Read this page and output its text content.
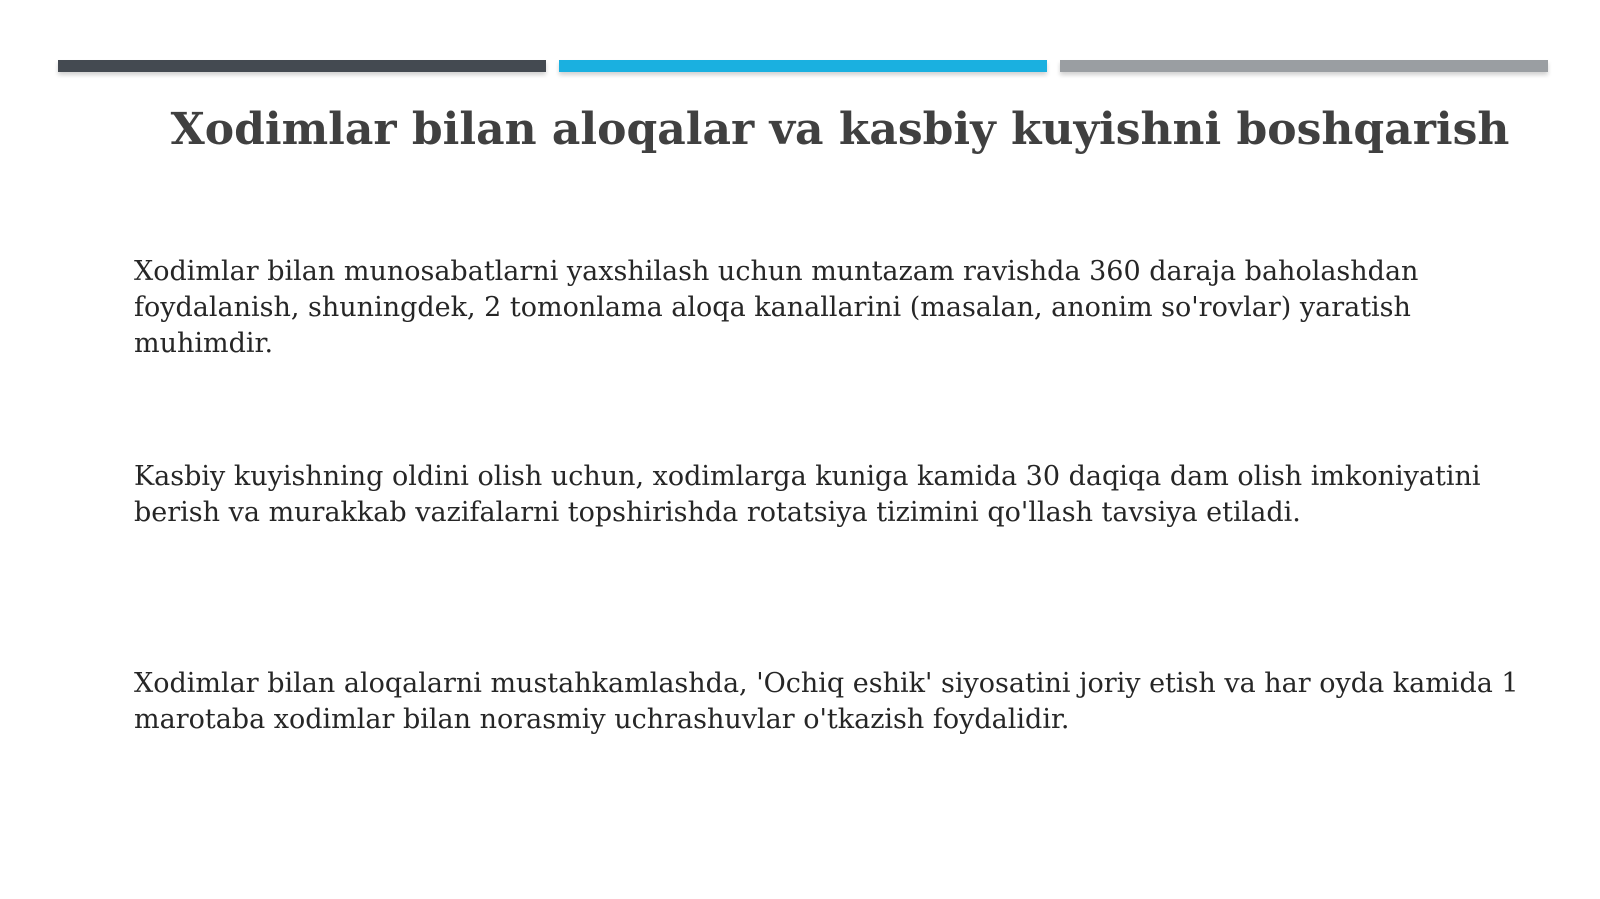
Xodimlar bilan aloqalar va kasbiy kuyishni boshqarish

Xodimlar bilan munosabatlarni yaxshilash uchun muntazam ravishda 360 daraja baholashdan foydalanish, shuningdek, 2 tomonlama aloqa kanallarini (masalan, anonim so'rovlar) yaratish muhimdir.

Kasbiy kuyishning oldini olish uchun, xodimlarga kuniga kamida 30 daqiqa dam olish imkoniyatini berish va murakkab vazifalarni topshirishda rotatsiya tizimini qo'llash tavsiya etiladi.

Xodimlar bilan aloqalarni mustahkamlashda, 'Ochiq eshik' siyosatini joriy etish va har oyda kamida 1 marotaba xodimlar bilan norasmiy uchrashuvlar o'tkazish foydalidir.
